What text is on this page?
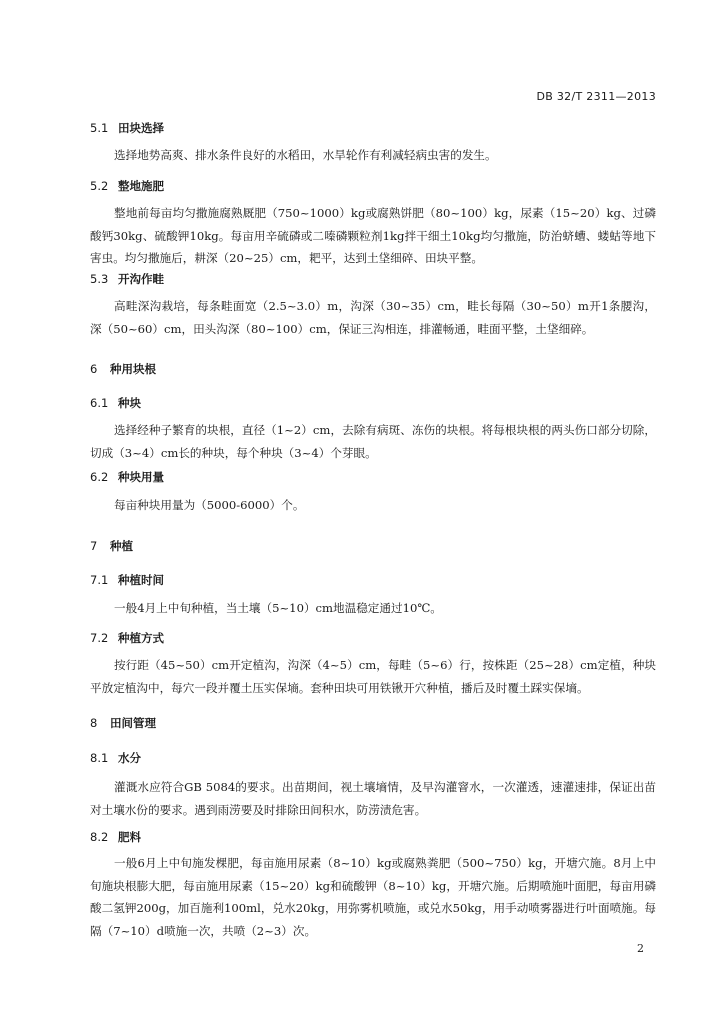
DB 32/T 2311—2013
5.1 田块选择
选择地势高爽、排水条件良好的水稻田，水旱轮作有利减轻病虫害的发生。
5.2 整地施肥
整地前每亩均匀撒施腐熟厩肥（750~1000）kg或腐熟饼肥（80~100）kg，尿素（15~20）kg、过磷酸钙30kg、硫酸钾10kg。每亩用辛硫磷或二嗪磷颗粒剂1kg拌干细土10kg均匀撒施，防治蛴螬、蝼蛄等地下害虫。均匀撒施后，耕深（20~25）cm，耙平，达到土垡细碎、田块平整。
5.3 开沟作畦
高畦深沟栽培，每条畦面宽（2.5~3.0）m，沟深（30~35）cm，畦长每隔（30~50）m开1条腰沟，深（50~60）cm，田头沟深（80~100）cm，保证三沟相连，排灌畅通，畦面平整，土垡细碎。
6 种用块根
6.1 种块
选择经种子繁育的块根，直径（1~2）cm，去除有病斑、冻伤的块根。将每根块根的两头伤口部分切除，切成（3~4）cm长的种块，每个种块（3~4）个芽眼。
6.2 种块用量
每亩种块用量为（5000-6000）个。
7 种植
7.1 种植时间
一般4月上中旬种植，当土壤（5~10）cm地温稳定通过10℃。
7.2 种植方式
按行距（45~50）cm开定植沟，沟深（4~5）cm，每畦（5~6）行，按株距（25~28）cm定植，种块平放定植沟中，每穴一段并覆土压实保墒。套种田块可用铁锹开穴种植，播后及时覆土踩实保墒。
8 田间管理
8.1 水分
灌溉水应符合GB 5084的要求。出苗期间，视土壤墒情，及早沟灌窨水，一次灌透，速灌速排，保证出苗对土壤水份的要求。遇到雨涝要及时排除田间积水，防涝渍危害。
8.2 肥料
一般6月上中旬施发棵肥，每亩施用尿素（8~10）kg或腐熟粪肥（500~750）kg，开塘穴施。8月上中旬施块根膨大肥，每亩施用尿素（15~20）kg和硫酸钾（8~10）kg，开塘穴施。后期喷施叶面肥，每亩用磷酸二氢钾200g，加百施利100ml，兑水20kg，用弥雾机喷施，或兑水50kg，用手动喷雾器进行叶面喷施。每隔（7~10）d喷施一次，共喷（2~3）次。
2
